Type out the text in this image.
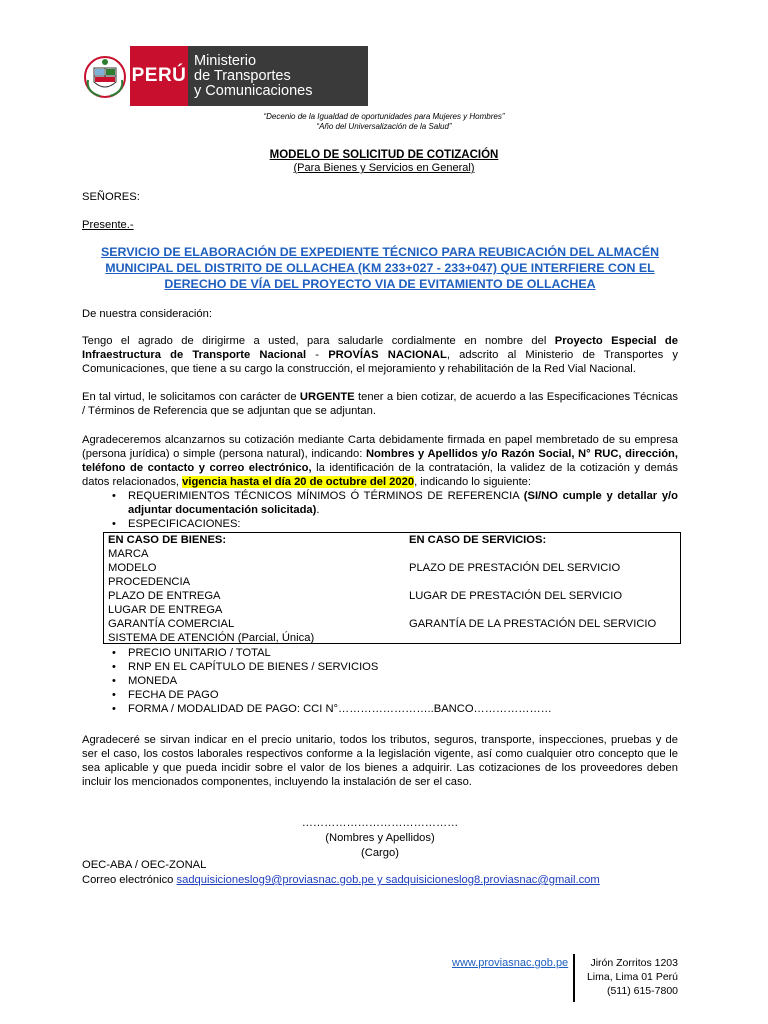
PERÚ
Ministerio
de Transportes
y Comunicaciones
“Decenio de la Igualdad de oportunidades para Mujeres y Hombres”
“Año del Universalización de la Salud”
MODELO DE SOLICITUD DE COTIZACIÓN
(Para Bienes y Servicios en General)
SEÑORES:
Presente.-
SERVICIO DE ELABORACIÓN DE EXPEDIENTE TÉCNICO PARA REUBICACIÓN DEL ALMACÉN MUNICIPAL DEL DISTRITO DE OLLACHEA (KM 233+027 - 233+047) QUE INTERFIERE CON EL DERECHO DE VÍA DEL PROYECTO VIA DE EVITAMIENTO DE OLLACHEA
De nuestra consideración:
Tengo el agrado de dirigirme a usted, para saludarle cordialmente en nombre del Proyecto Especial de Infraestructura de Transporte Nacional - PROVÍAS NACIONAL, adscrito al Ministerio de Transportes y Comunicaciones, que tiene a su cargo la construcción, el mejoramiento y rehabilitación de la Red Vial Nacional.
En tal virtud, le solicitamos con carácter de URGENTE tener a bien cotizar, de acuerdo a las Especificaciones Técnicas / Términos de Referencia que se adjuntan que se adjuntan.
Agradeceremos alcanzarnos su cotización mediante Carta debidamente firmada en papel membretado de su empresa (persona jurídica) o simple (persona natural), indicando: Nombres y Apellidos y/o Razón Social, N° RUC, dirección, teléfono de contacto y correo electrónico, la identificación de la contratación, la validez de la cotización y demás datos relacionados, vigencia hasta el día 20 de octubre del 2020, indicando lo siguiente:
• REQUERIMIENTOS TÉCNICOS MÍNIMOS Ó TÉRMINOS DE REFERENCIA (SI/NO cumple y detallar y/o adjuntar documentación solicitada).
• ESPECIFICACIONES:
EN CASO DE BIENES:
MARCA
MODELO
PROCEDENCIA
PLAZO DE ENTREGA
LUGAR DE ENTREGA
GARANTÍA COMERCIAL
SISTEMA DE ATENCIÓN (Parcial, Única)
EN CASO DE SERVICIOS:
PLAZO DE PRESTACIÓN DEL SERVICIO
LUGAR DE PRESTACIÓN DEL SERVICIO
GARANTÍA DE LA PRESTACIÓN DEL SERVICIO
• PRECIO UNITARIO / TOTAL
• RNP EN EL CAPÍTULO DE BIENES / SERVICIOS
• MONEDA
• FECHA DE PAGO
• FORMA / MODALIDAD DE PAGO: CCI N°……………………..BANCO…………………
Agradeceré se sirvan indicar en el precio unitario, todos los tributos, seguros, transporte, inspecciones, pruebas y de ser el caso, los costos laborales respectivos conforme a la legislación vigente, así como cualquier otro concepto que le sea aplicable y que pueda incidir sobre el valor de los bienes a adquirir. Las cotizaciones de los proveedores deben incluir los mencionados componentes, incluyendo la instalación de ser el caso.
……………………………………
(Nombres y Apellidos)
(Cargo)
OEC-ABA / OEC-ZONAL
Correo electrónico sadquisicioneslog9@proviasnac.gob.pe y sadquisicioneslog8.proviasnac@gmail.com
www.proviasnac.gob.pe	Jirón Zorritos 1203
Lima, Lima 01 Perú
(511) 615-7800
